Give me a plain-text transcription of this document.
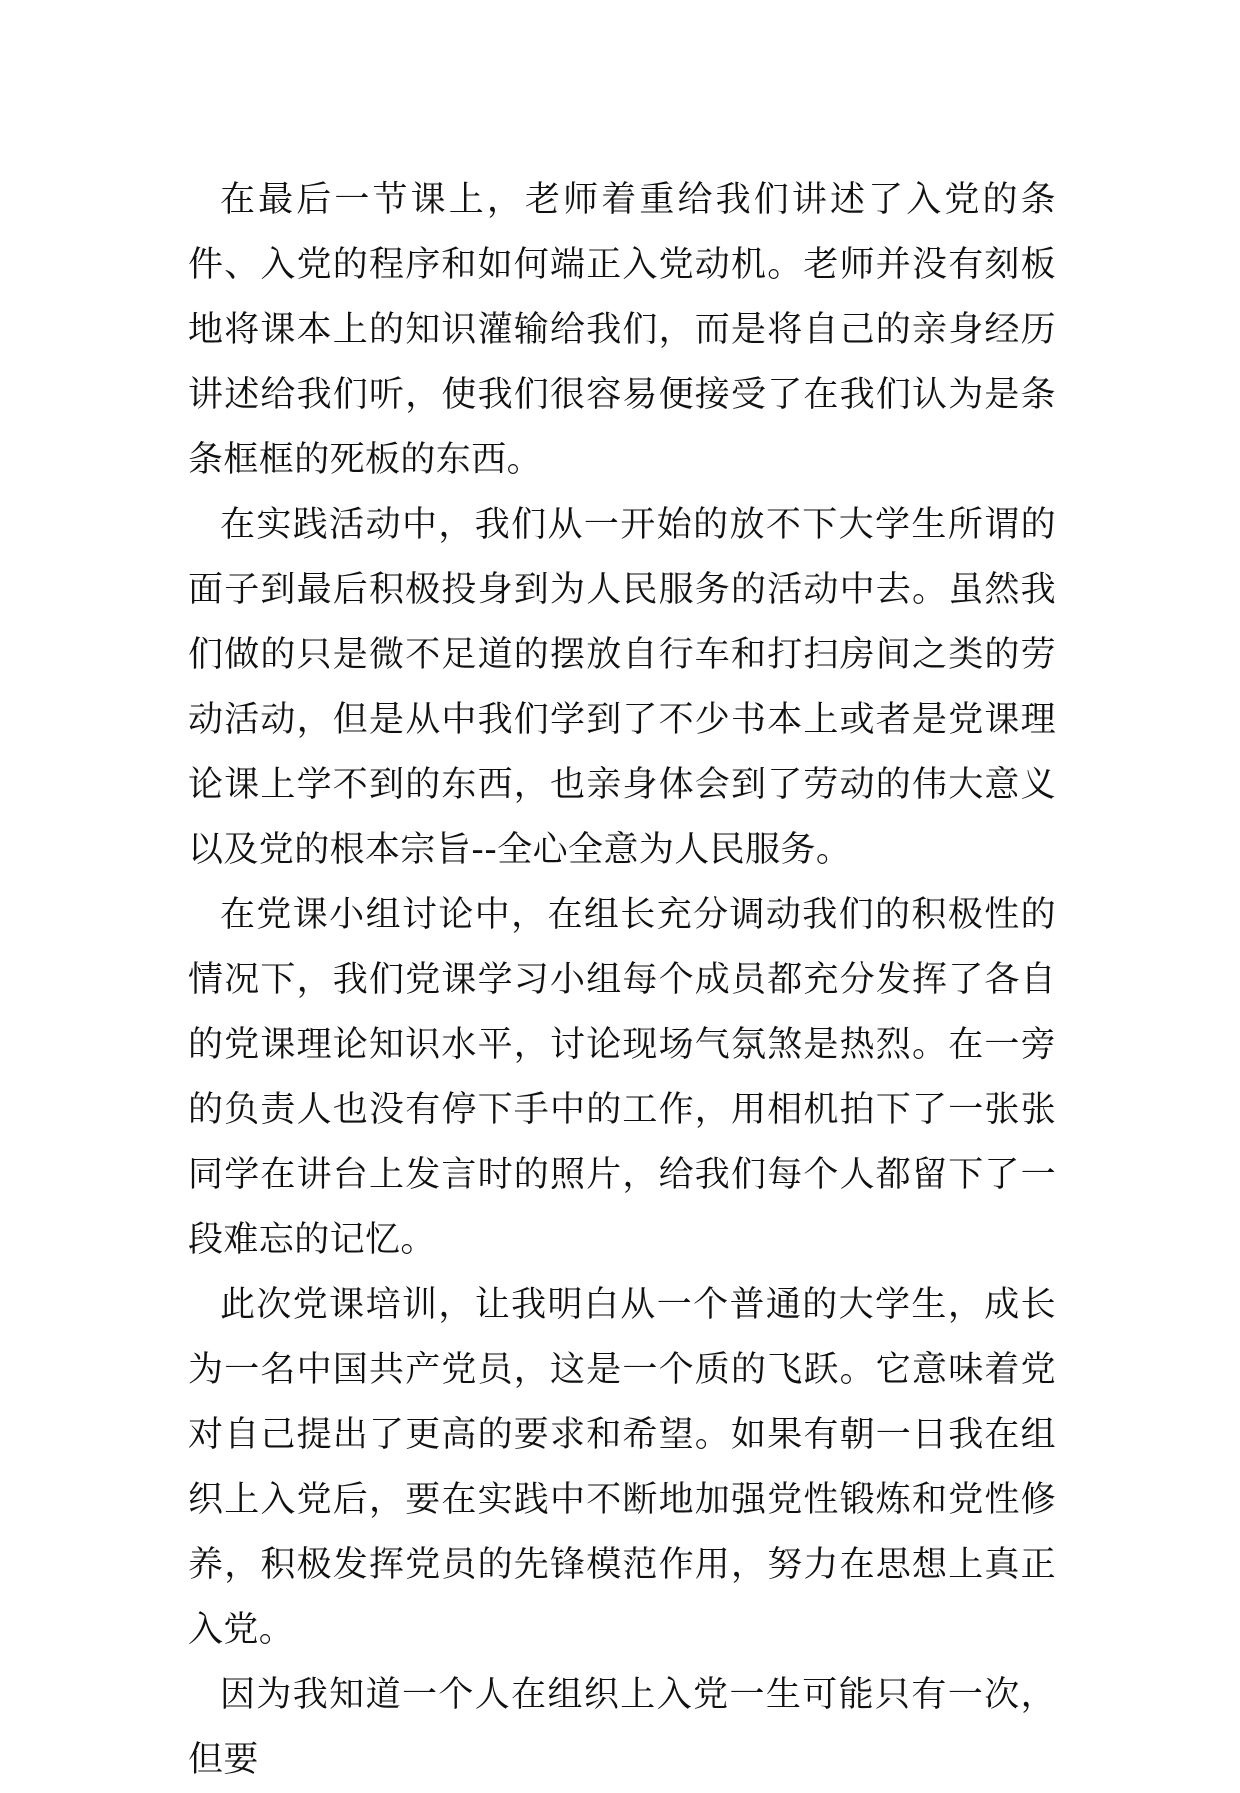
在最后一节课上，老师着重给我们讲述了入党的条件、入党的程序和如何端正入党动机。老师并没有刻板地将课本上的知识灌输给我们，而是将自己的亲身经历讲述给我们听，使我们很容易便接受了在我们认为是条条框框的死板的东西。

在实践活动中，我们从一开始的放不下大学生所谓的面子到最后积极投身到为人民服务的活动中去。虽然我们做的只是微不足道的摆放自行车和打扫房间之类的劳动活动，但是从中我们学到了不少书本上或者是党课理论课上学不到的东西，也亲身体会到了劳动的伟大意义以及党的根本宗旨--全心全意为人民服务。

在党课小组讨论中，在组长充分调动我们的积极性的情况下，我们党课学习小组每个成员都充分发挥了各自的党课理论知识水平，讨论现场气氛煞是热烈。在一旁的负责人也没有停下手中的工作，用相机拍下了一张张同学在讲台上发言时的照片，给我们每个人都留下了一段难忘的记忆。

此次党课培训，让我明白从一个普通的大学生，成长为一名中国共产党员，这是一个质的飞跃。它意味着党对自己提出了更高的要求和希望。如果有朝一日我在组织上入党后，要在实践中不断地加强党性锻炼和党性修养，积极发挥党员的先锋模范作用，努力在思想上真正入党。

因为我知道一个人在组织上入党一生可能只有一次，但要
